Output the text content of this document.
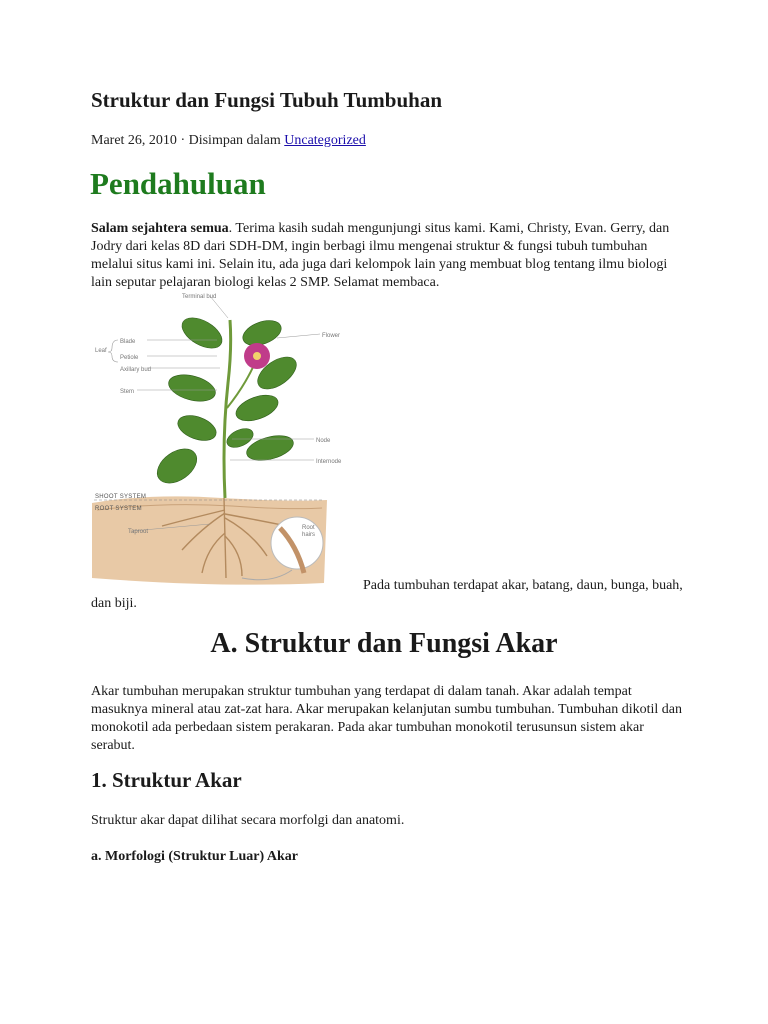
Struktur dan Fungsi Tubuh Tumbuhan
Maret 26, 2010 · Disimpan dalam Uncategorized
Pendahuluan

Salam sejahtera semua. Terima kasih sudah mengunjungi situs kami. Kami, Christy, Evan. Gerry, dan Jodry dari kelas 8D dari SDH-DM, ingin berbagi ilmu mengenai struktur & fungsi tubuh tumbuhan melalui situs kami ini. Selain itu, ada juga dari kelompok lain yang membuat blog tentang ilmu biologi lain seputar pelajaran biologi kelas 2 SMP. Selamat membaca.

Terminal bud
Flower
Leaf
Blade
Petiole
Axillary bud
Stem
Node
Internode
SHOOT SYSTEM
ROOT SYSTEM
Taproot
Root
hairs

Pada tumbuhan terdapat akar, batang, daun, bunga, buah, dan biji.

A. Struktur dan Fungsi Akar

Akar tumbuhan merupakan struktur tumbuhan yang terdapat di dalam tanah. Akar adalah tempat masuknya mineral atau zat-zat hara. Akar merupakan kelanjutan sumbu tumbuhan. Tumbuhan dikotil dan monokotil ada perbedaan sistem perakaran. Pada akar tumbuhan monokotil terusunsun sistem akar serabut.

1. Struktur Akar

Struktur akar dapat dilihat secara morfolgi dan anatomi.

a. Morfologi (Struktur Luar) Akar
